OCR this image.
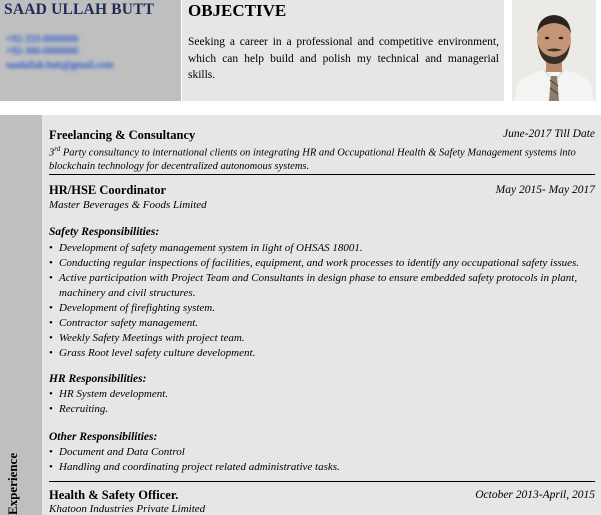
SAAD ULLAH BUTT
+92-333-0000000
+92-300-0000000
saadullah.butt@gmail.com
OBJECTIVE
Seeking a career in a professional and competitive environment, which can help build and polish my technical and managerial skills.
Experience
Freelancing & Consultancy	June-2017 Till Date
3rd Party consultancy to international clients on integrating HR and Occupational Health & Safety Management systems into blockchain technology for decentralized autonomous systems.
HR/HSE Coordinator	May 2015- May 2017
Master Beverages & Foods Limited
Safety Responsibilities:
• Development of safety management system in light of OHSAS 18001.
• Conducting regular inspections of facilities, equipment, and work processes to identify any occupational safety issues.
• Active participation with Project Team and Consultants in design phase to ensure embedded safety protocols in plant, machinery and civil structures.
• Development of firefighting system.
• Contractor safety management.
• Weekly Safety Meetings with project team.
• Grass Root level safety culture development.
HR Responsibilities:
• HR System development.
• Recruiting.
Other Responsibilities:
• Document and Data Control
• Handling and coordinating project related administrative tasks.
Health & Safety Officer.	October 2013-April, 2015
Khatoon Industries Private Limited
